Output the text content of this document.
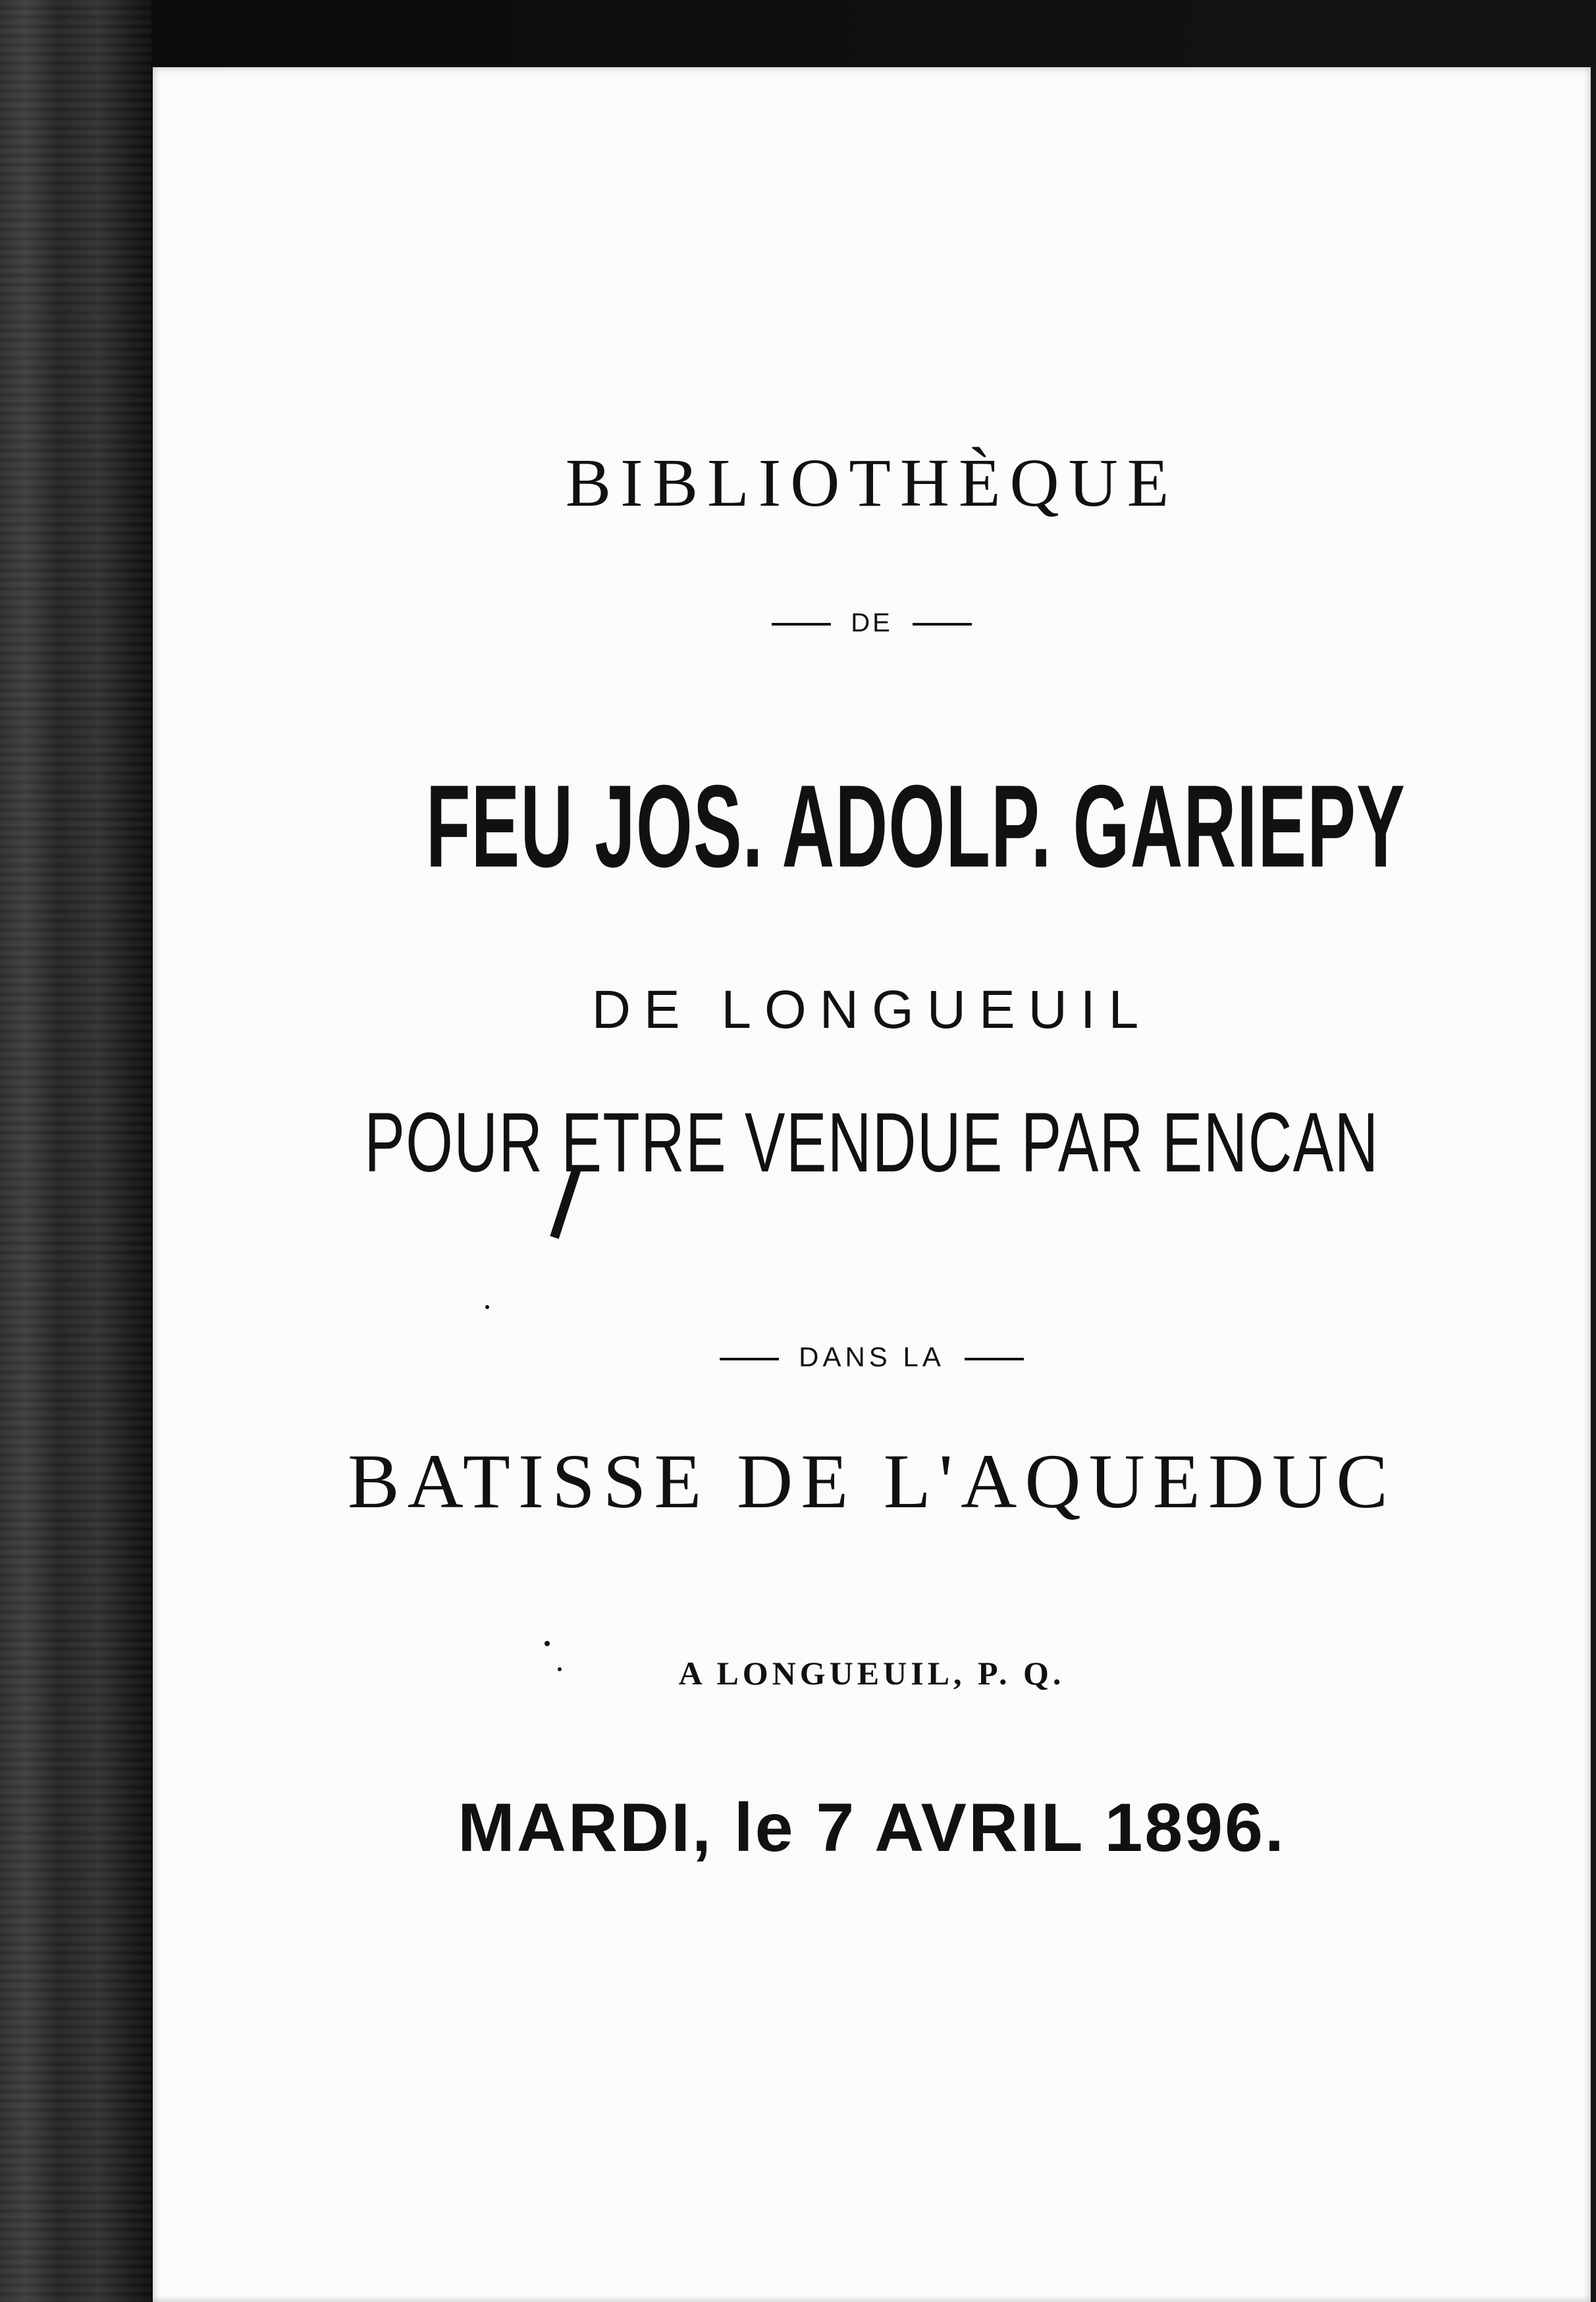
BIBLIOTHÈQUE
DE
FEU JOS. ADOLP. GARIEPY
DE LONGUEUIL
POUR ETRE VENDUE PAR ENCAN
DANS LA
BATISSE DE L'AQUEDUC
A LONGUEUIL, P. Q.
MARDI, le 7 AVRIL 1896.
